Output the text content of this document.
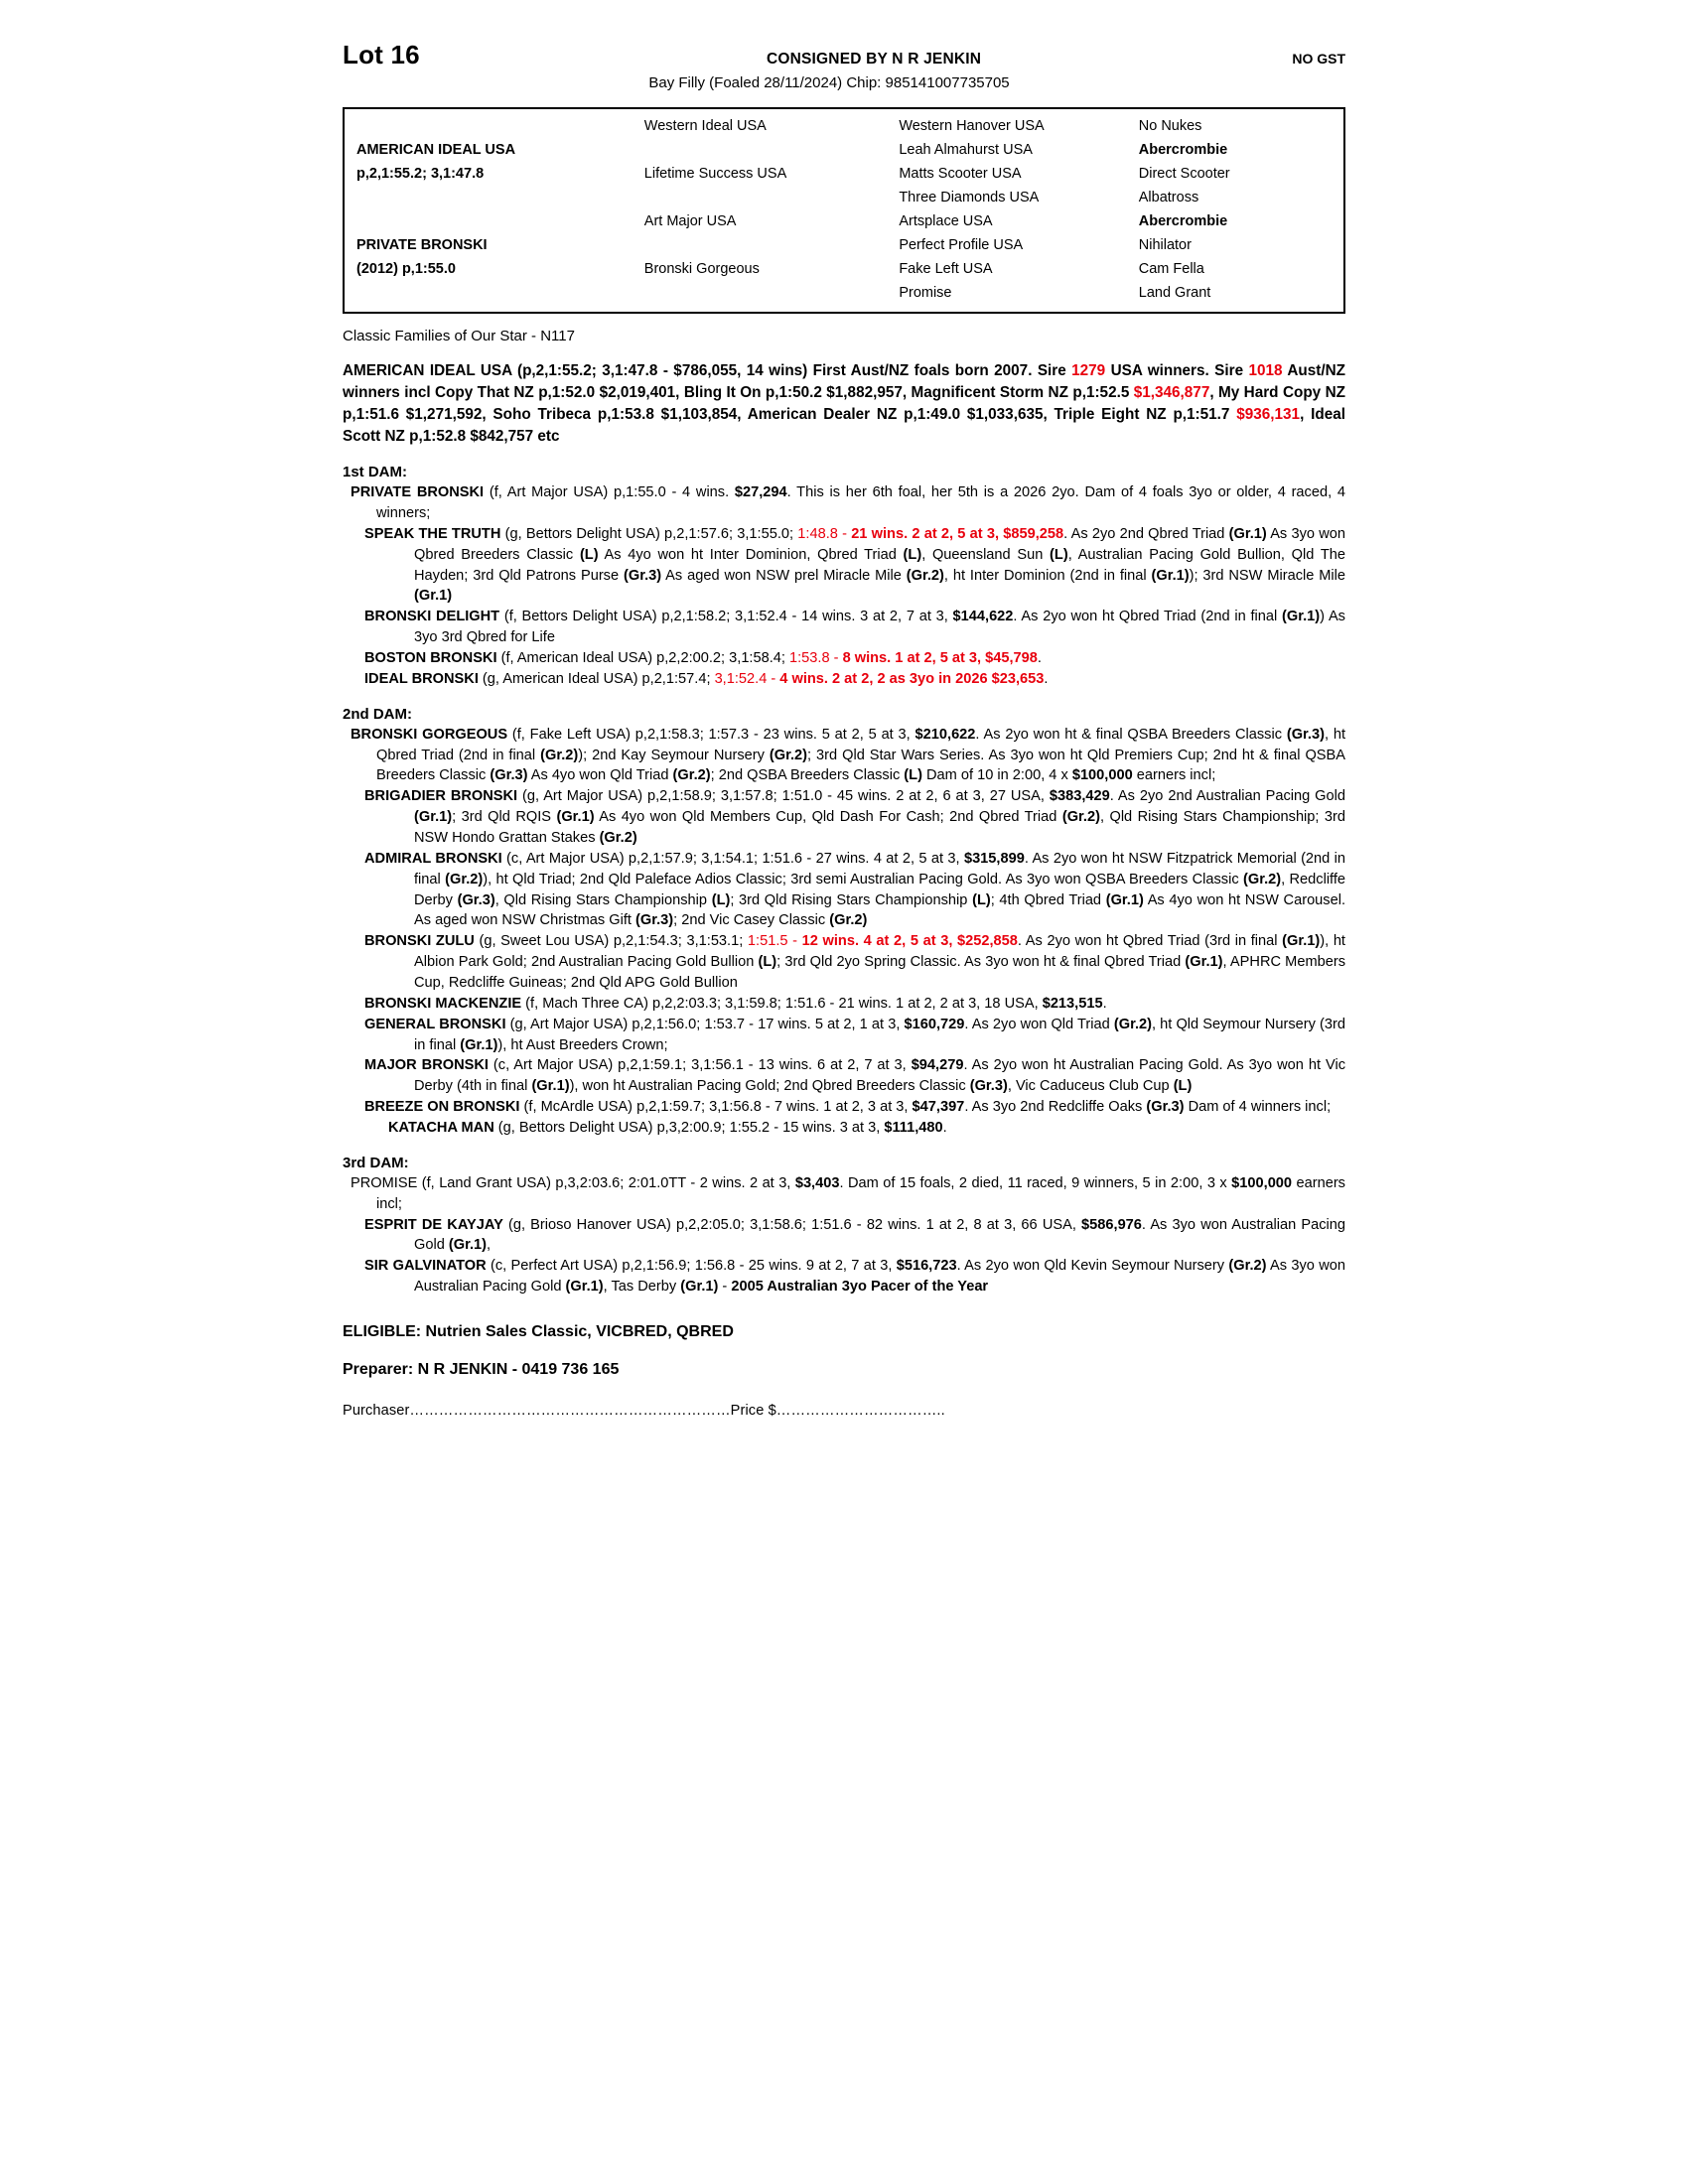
Lot 16	CONSIGNED BY N R JENKIN	NO GST
Bay Filly (Foaled 28/11/2024) Chip: 985141007735705

AMERICAN IDEAL USA
p,2,1:55.2; 3,1:47.8

PRIVATE BRONSKI
(2012) p,1:55.0
Western Ideal USA

Lifetime Success USA

Art Major USA

Bronski Gorgeous
Western Hanover USA
Leah Almahurst USA
Matts Scooter USA
Three Diamonds USA
Artsplace USA
Perfect Profile USA
Fake Left USA
Promise
No Nukes
Abercrombie
Direct Scooter
Albatross
Abercrombie
Nihilator
Cam Fella
Land Grant
Classic Families of Our Star - N117
AMERICAN IDEAL USA (p,2,1:55.2; 3,1:47.8 - $786,055, 14 wins) First Aust/NZ foals born 2007. Sire 1279 USA winners. Sire 1018 Aust/NZ winners incl Copy That NZ p,1:52.0 $2,019,401, Bling It On p,1:50.2 $1,882,957, Magnificent Storm NZ p,1:52.5 $1,346,877, My Hard Copy NZ p,1:51.6 $1,271,592, Soho Tribeca p,1:53.8 $1,103,854, American Dealer NZ p,1:49.0 $1,033,635, Triple Eight NZ p,1:51.7 $936,131, Ideal Scott NZ p,1:52.8 $842,757 etc
1st DAM:

PRIVATE BRONSKI (f, Art Major USA) p,1:55.0 - 4 wins. $27,294. This is her 6th foal, her 5th is a 2026 2yo. Dam of 4 foals 3yo or older, 4 raced, 4 winners;

SPEAK THE TRUTH (g, Bettors Delight USA) p,2,1:57.6; 3,1:55.0; 1:48.8 - 21 wins. 2 at 2, 5 at 3, $859,258. As 2yo 2nd Qbred Triad (Gr.1) As 3yo won Qbred Breeders Classic (L) As 4yo won ht Inter Dominion, Qbred Triad (L), Queensland Sun (L), Australian Pacing Gold Bullion, Qld The Hayden; 3rd Qld Patrons Purse (Gr.3) As aged won NSW prel Miracle Mile (Gr.2), ht Inter Dominion (2nd in final (Gr.1)); 3rd NSW Miracle Mile (Gr.1)

BRONSKI DELIGHT (f, Bettors Delight USA) p,2,1:58.2; 3,1:52.4 - 14 wins. 3 at 2, 7 at 3, $144,622. As 2yo won ht Qbred Triad (2nd in final (Gr.1)) As 3yo 3rd Qbred for Life

BOSTON BRONSKI (f, American Ideal USA) p,2,2:00.2; 3,1:58.4; 1:53.8 - 8 wins. 1 at 2, 5 at 3, $45,798.

IDEAL BRONSKI (g, American Ideal USA) p,2,1:57.4; 3,1:52.4 - 4 wins. 2 at 2, 2 as 3yo in 2026 $23,653.

2nd DAM:

BRONSKI GORGEOUS (f, Fake Left USA) p,2,1:58.3; 1:57.3 - 23 wins. 5 at 2, 5 at 3, $210,622. As 2yo won ht & final QSBA Breeders Classic (Gr.3), ht Qbred Triad (2nd in final (Gr.2)); 2nd Kay Seymour Nursery (Gr.2); 3rd Qld Star Wars Series. As 3yo won ht Qld Premiers Cup; 2nd ht & final QSBA Breeders Classic (Gr.3) As 4yo won Qld Triad (Gr.2); 2nd QSBA Breeders Classic (L) Dam of 10 in 2:00, 4 x $100,000 earners incl;

BRIGADIER BRONSKI (g, Art Major USA) p,2,1:58.9; 3,1:57.8; 1:51.0 - 45 wins. 2 at 2, 6 at 3, 27 USA, $383,429. As 2yo 2nd Australian Pacing Gold (Gr.1); 3rd Qld RQIS (Gr.1) As 4yo won Qld Members Cup, Qld Dash For Cash; 2nd Qbred Triad (Gr.2), Qld Rising Stars Championship; 3rd NSW Hondo Grattan Stakes (Gr.2)

ADMIRAL BRONSKI (c, Art Major USA) p,2,1:57.9; 3,1:54.1; 1:51.6 - 27 wins. 4 at 2, 5 at 3, $315,899. As 2yo won ht NSW Fitzpatrick Memorial (2nd in final (Gr.2)), ht Qld Triad; 2nd Qld Paleface Adios Classic; 3rd semi Australian Pacing Gold. As 3yo won QSBA Breeders Classic (Gr.2), Redcliffe Derby (Gr.3), Qld Rising Stars Championship (L); 3rd Qld Rising Stars Championship (L); 4th Qbred Triad (Gr.1) As 4yo won ht NSW Carousel. As aged won NSW Christmas Gift (Gr.3); 2nd Vic Casey Classic (Gr.2)

BRONSKI ZULU (g, Sweet Lou USA) p,2,1:54.3; 3,1:53.1; 1:51.5 - 12 wins. 4 at 2, 5 at 3, $252,858. As 2yo won ht Qbred Triad (3rd in final (Gr.1)), ht Albion Park Gold; 2nd Australian Pacing Gold Bullion (L); 3rd Qld 2yo Spring Classic. As 3yo won ht & final Qbred Triad (Gr.1), APHRC Members Cup, Redcliffe Guineas; 2nd Qld APG Gold Bullion

BRONSKI MACKENZIE (f, Mach Three CA) p,2,2:03.3; 3,1:59.8; 1:51.6 - 21 wins. 1 at 2, 2 at 3, 18 USA, $213,515.

GENERAL BRONSKI (g, Art Major USA) p,2,1:56.0; 1:53.7 - 17 wins. 5 at 2, 1 at 3, $160,729. As 2yo won Qld Triad (Gr.2), ht Qld Seymour Nursery (3rd in final (Gr.1)), ht Aust Breeders Crown;

MAJOR BRONSKI (c, Art Major USA) p,2,1:59.1; 3,1:56.1 - 13 wins. 6 at 2, 7 at 3, $94,279. As 2yo won ht Australian Pacing Gold. As 3yo won ht Vic Derby (4th in final (Gr.1)), won ht Australian Pacing Gold; 2nd Qbred Breeders Classic (Gr.3), Vic Caduceus Club Cup (L)

BREEZE ON BRONSKI (f, McArdle USA) p,2,1:59.7; 3,1:56.8 - 7 wins. 1 at 2, 3 at 3, $47,397. As 3yo 2nd Redcliffe Oaks (Gr.3) Dam of 4 winners incl;

KATACHA MAN (g, Bettors Delight USA) p,3,2:00.9; 1:55.2 - 15 wins. 3 at 3, $111,480.

3rd DAM:

PROMISE (f, Land Grant USA) p,3,2:03.6; 2:01.0TT - 2 wins. 2 at 3, $3,403. Dam of 15 foals, 2 died, 11 raced, 9 winners, 5 in 2:00, 3 x $100,000 earners incl;

ESPRIT DE KAYJAY (g, Brioso Hanover USA) p,2,2:05.0; 3,1:58.6; 1:51.6 - 82 wins. 1 at 2, 8 at 3, 66 USA, $586,976. As 3yo won Australian Pacing Gold (Gr.1),

SIR GALVINATOR (c, Perfect Art USA) p,2,1:56.9; 1:56.8 - 25 wins. 9 at 2, 7 at 3, $516,723. As 2yo won Qld Kevin Seymour Nursery (Gr.2) As 3yo won Australian Pacing Gold (Gr.1), Tas Derby (Gr.1) - 2005 Australian 3yo Pacer of the Year

ELIGIBLE: Nutrien Sales Classic, VICBRED, QBRED
Preparer: N R JENKIN - 0419 736 165
Purchaser…………………………………………………………Price $……………………………..
